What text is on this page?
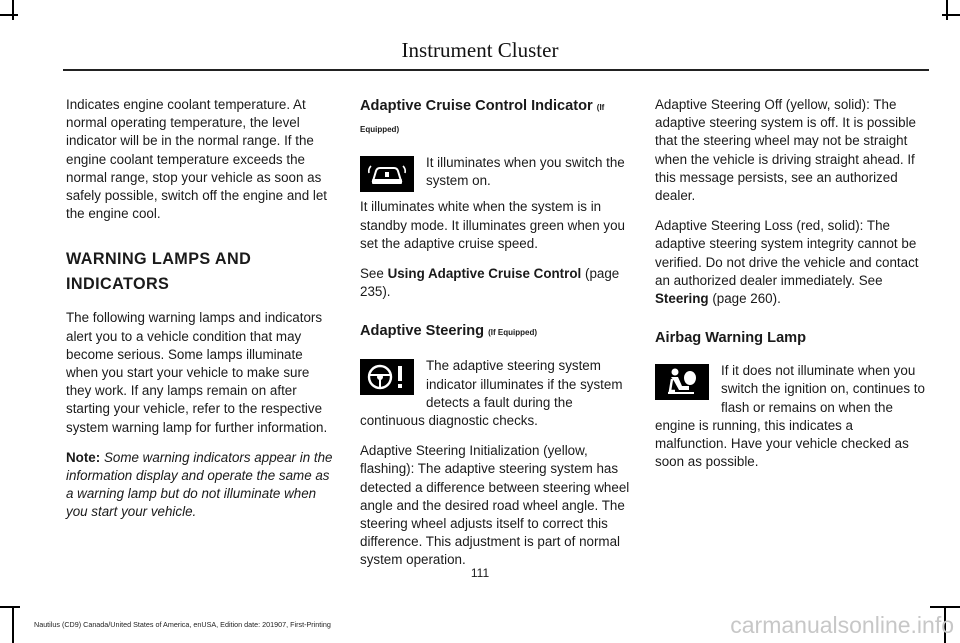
Instrument Cluster

Indicates engine coolant temperature. At normal operating temperature, the level indicator will be in the normal range. If the engine coolant temperature exceeds the normal range, stop your vehicle as soon as safely possible, switch off the engine and let the engine cool.

WARNING LAMPS AND
INDICATORS

The following warning lamps and indicators alert you to a vehicle condition that may become serious. Some lamps illuminate when you start your vehicle to make sure they work. If any lamps remain on after starting your vehicle, refer to the respective system warning lamp for further information.

Note: Some warning indicators appear in the information display and operate the same as a warning lamp but do not illuminate when you start your vehicle.

Adaptive Cruise Control Indicator (If Equipped)

It illuminates when you switch the system on.

It illuminates white when the system is in standby mode. It illuminates green when you set the adaptive cruise speed.

See Using Adaptive Cruise Control (page 235).

Adaptive Steering (If Equipped)

The adaptive steering system indicator illuminates if the system detects a fault during the continuous diagnostic checks.

Adaptive Steering Initialization (yellow, flashing): The adaptive steering system has detected a difference between steering wheel angle and the desired road wheel angle. The steering wheel adjusts itself to correct this difference. This adjustment is part of normal system operation.

Adaptive Steering Off (yellow, solid): The adaptive steering system is off. It is possible that the steering wheel may not be straight when the vehicle is driving straight ahead. If this message persists, see an authorized dealer.

Adaptive Steering Loss (red, solid): The adaptive steering system integrity cannot be verified. Do not drive the vehicle and contact an authorized dealer immediately. See Steering (page 260).

Airbag Warning Lamp

If it does not illuminate when you switch the ignition on, continues to flash or remains on when the engine is running, this indicates a malfunction. Have your vehicle checked as soon as possible.

111
Nautilus (CD9) Canada/United States of America, enUSA, Edition date: 201907, First-Printing	carmanualsonline.info
